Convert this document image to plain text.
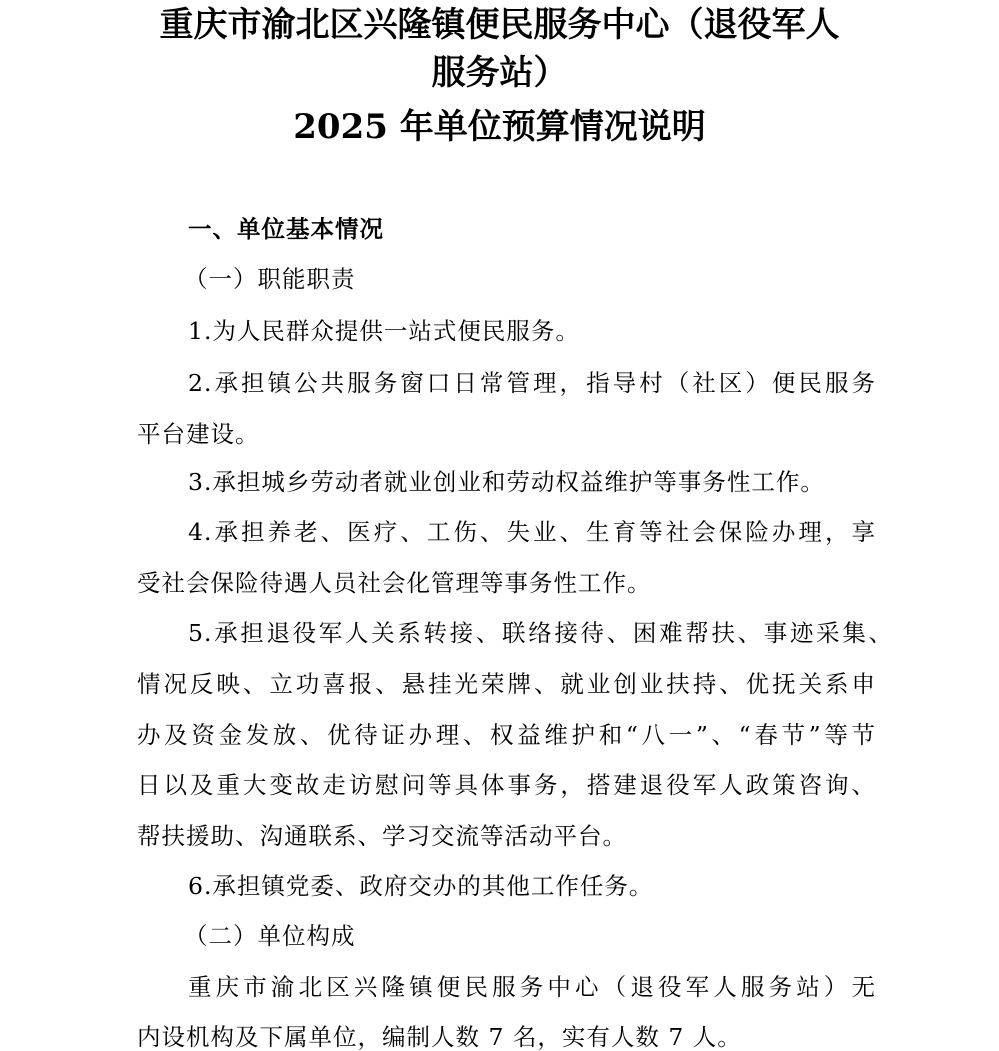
重庆市渝北区兴隆镇便民服务中心（退役军人
服务站）
2025 年单位预算情况说明
一、单位基本情况
（一）职能职责
1.为人民群众提供一站式便民服务。
2.承担镇公共服务窗口日常管理，指导村（社区）便民服务
平台建设。
3.承担城乡劳动者就业创业和劳动权益维护等事务性工作。
4.承担养老、医疗、工伤、失业、生育等社会保险办理，享
受社会保险待遇人员社会化管理等事务性工作。
5.承担退役军人关系转接、联络接待、困难帮扶、事迹采集、
情况反映、立功喜报、悬挂光荣牌、就业创业扶持、优抚关系申
办及资金发放、优待证办理、权益维护和“八一”、“春节”等节
日以及重大变故走访慰问等具体事务，搭建退役军人政策咨询、
帮扶援助、沟通联系、学习交流等活动平台。
6.承担镇党委、政府交办的其他工作任务。
（二）单位构成
重庆市渝北区兴隆镇便民服务中心（退役军人服务站）无
内设机构及下属单位，编制人数 7 名，实有人数 7 人。
